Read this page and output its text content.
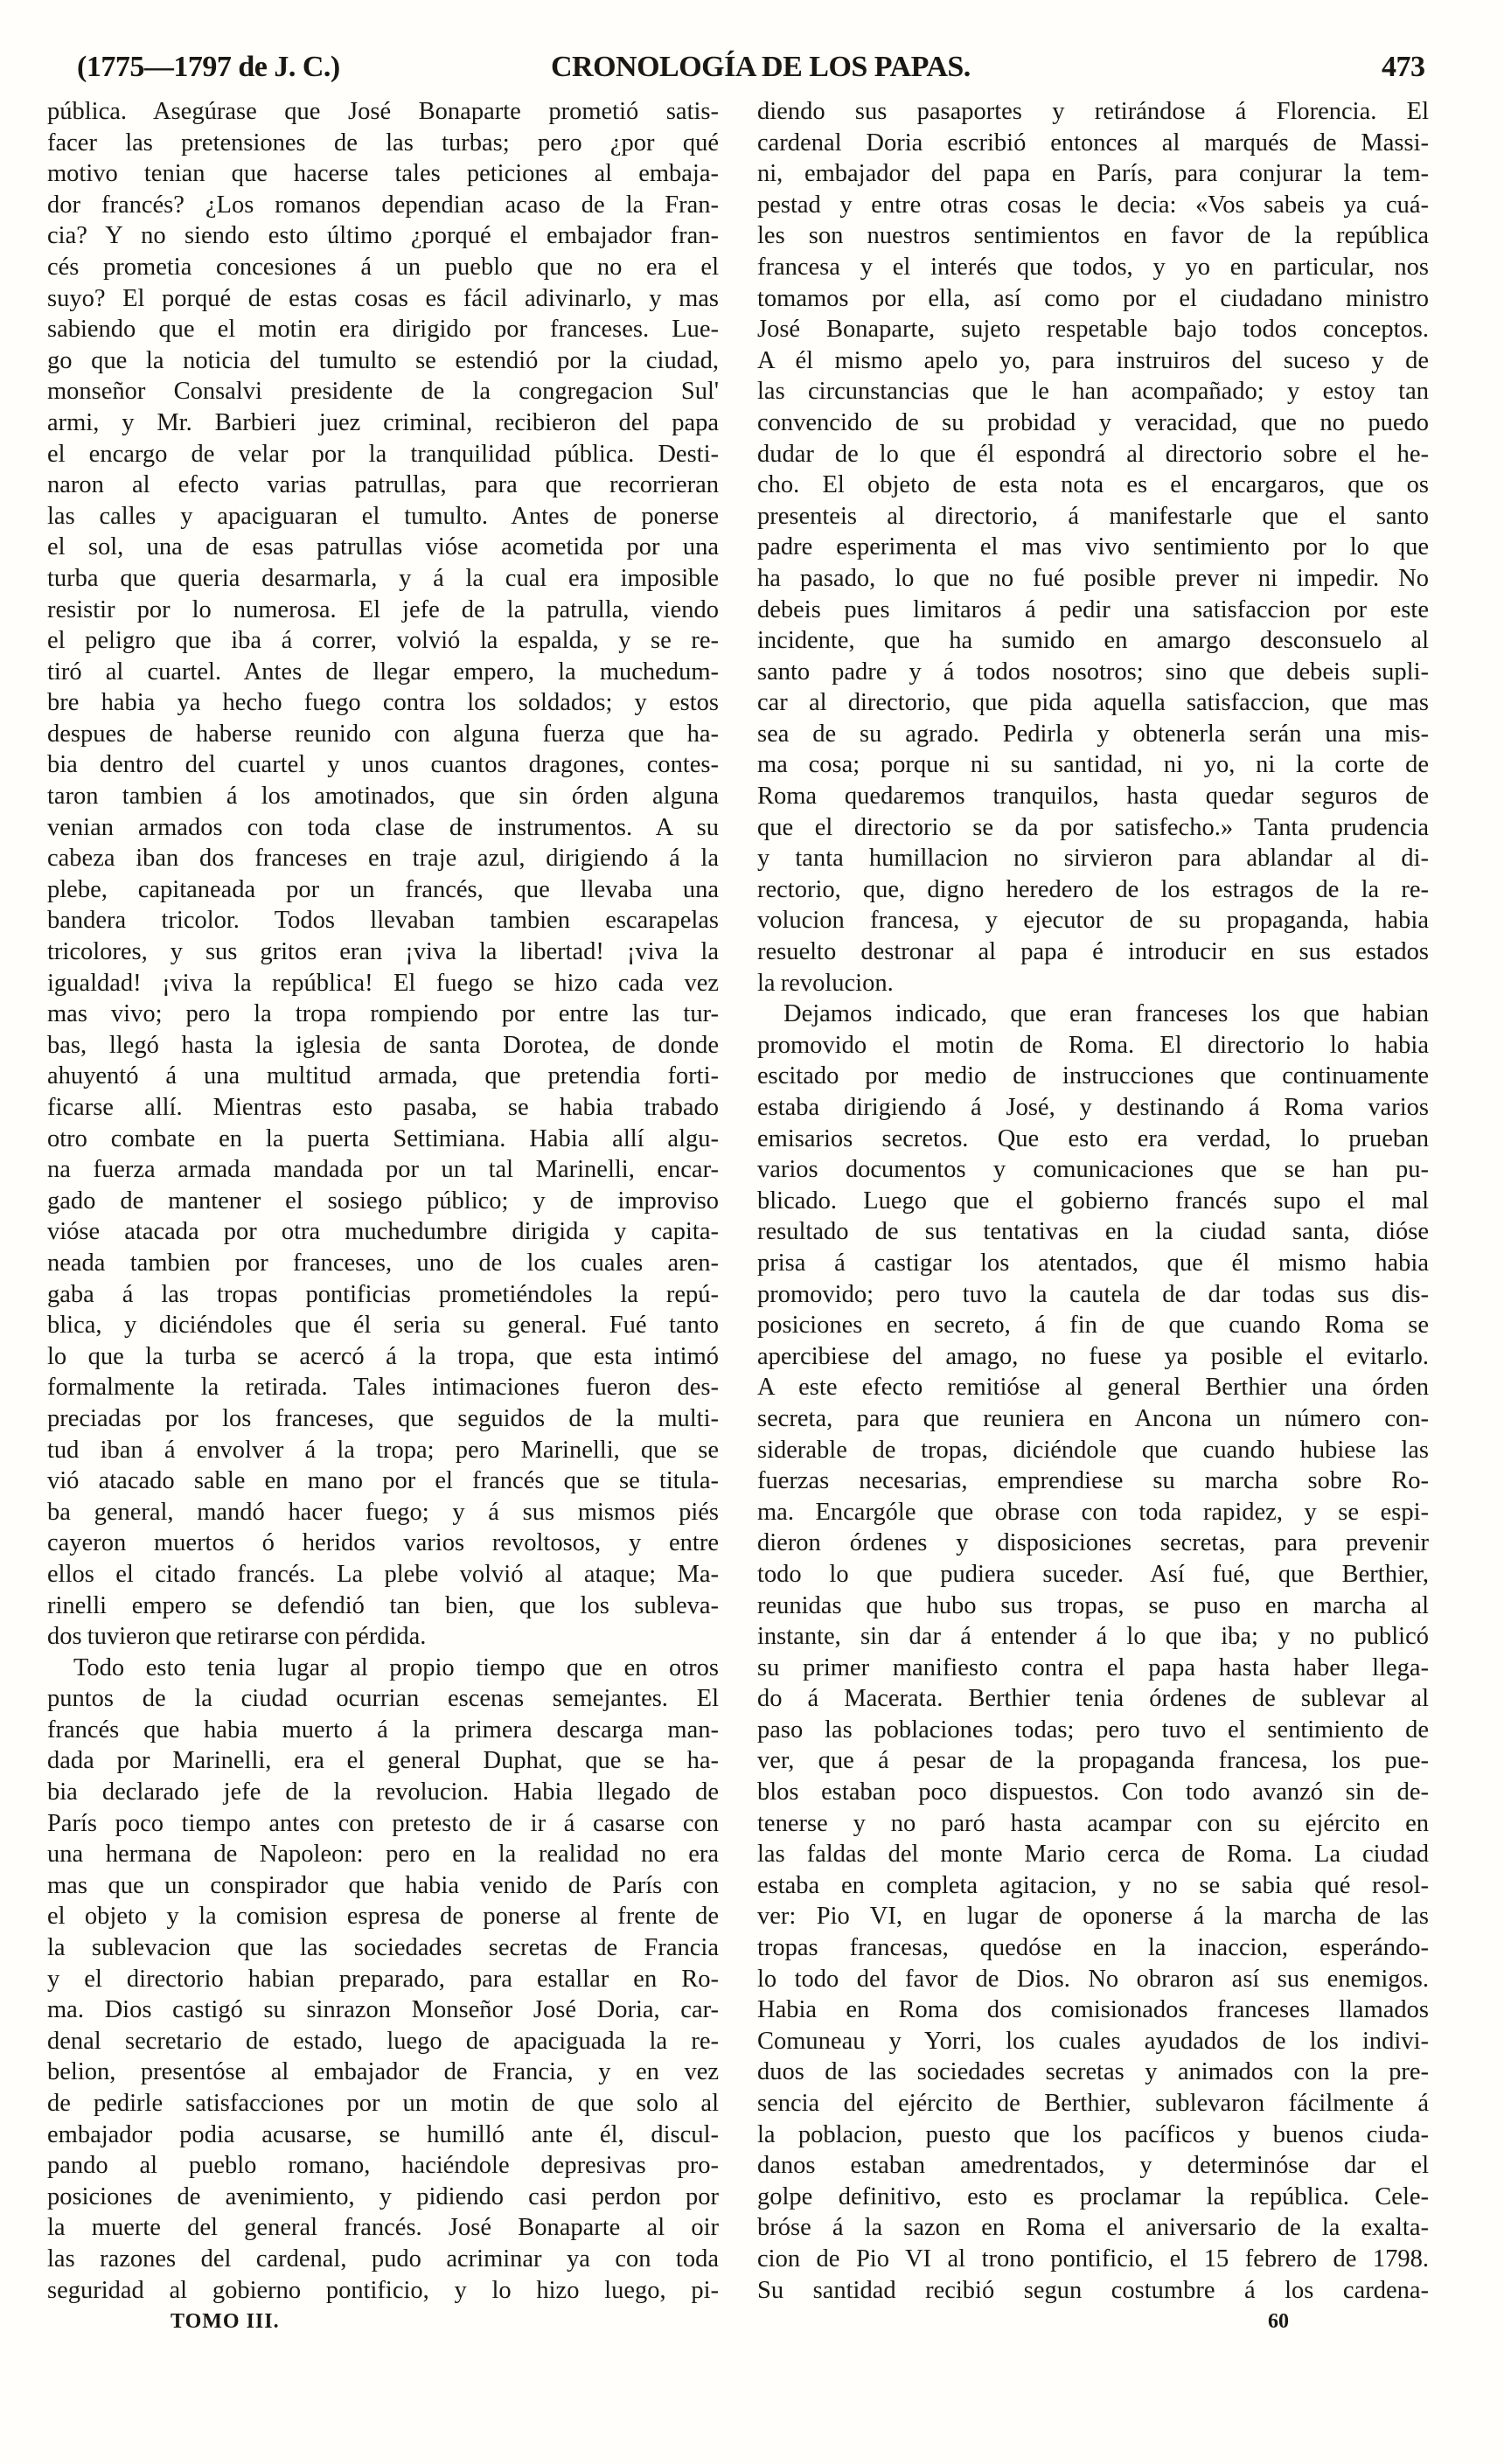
(1775—1797 de J. C.)	CRONOLOGÍA DE LOS PAPAS.	473
pública. Asegúrase que José Bonaparte prometió satis-
facer las pretensiones de las turbas; pero ¿por qué
motivo tenian que hacerse tales peticiones al embaja-
dor francés? ¿Los romanos dependian acaso de la Fran-
cia? Y no siendo esto último ¿porqué el embajador fran-
cés prometia concesiones á un pueblo que no era el
suyo? El porqué de estas cosas es fácil adivinarlo, y mas
sabiendo que el motin era dirigido por franceses. Lue-
go que la noticia del tumulto se estendió por la ciudad,
monseñor Consalvi presidente de la congregacion Sul'
armi, y Mr. Barbieri juez criminal, recibieron del papa
el encargo de velar por la tranquilidad pública. Desti-
naron al efecto varias patrullas, para que recorrieran
las calles y apaciguaran el tumulto. Antes de ponerse
el sol, una de esas patrullas vióse acometida por una
turba que queria desarmarla, y á la cual era imposible
resistir por lo numerosa. El jefe de la patrulla, viendo
el peligro que iba á correr, volvió la espalda, y se re-
tiró al cuartel. Antes de llegar empero, la muchedum-
bre habia ya hecho fuego contra los soldados; y estos
despues de haberse reunido con alguna fuerza que ha-
bia dentro del cuartel y unos cuantos dragones, contes-
taron tambien á los amotinados, que sin órden alguna
venian armados con toda clase de instrumentos. A su
cabeza iban dos franceses en traje azul, dirigiendo á la
plebe, capitaneada por un francés, que llevaba una
bandera tricolor. Todos llevaban tambien escarapelas
tricolores, y sus gritos eran ¡viva la libertad! ¡viva la
igualdad! ¡viva la república! El fuego se hizo cada vez
mas vivo; pero la tropa rompiendo por entre las tur-
bas, llegó hasta la iglesia de santa Dorotea, de donde
ahuyentó á una multitud armada, que pretendia forti-
ficarse allí. Mientras esto pasaba, se habia trabado
otro combate en la puerta Settimiana. Habia allí algu-
na fuerza armada mandada por un tal Marinelli, encar-
gado de mantener el sosiego público; y de improviso
vióse atacada por otra muchedumbre dirigida y capita-
neada tambien por franceses, uno de los cuales aren-
gaba á las tropas pontificias prometiéndoles la repú-
blica, y diciéndoles que él seria su general. Fué tanto
lo que la turba se acercó á la tropa, que esta intimó
formalmente la retirada. Tales intimaciones fueron des-
preciadas por los franceses, que seguidos de la multi-
tud iban á envolver á la tropa; pero Marinelli, que se
vió atacado sable en mano por el francés que se titula-
ba general, mandó hacer fuego; y á sus mismos piés
cayeron muertos ó heridos varios revoltosos, y entre
ellos el citado francés. La plebe volvió al ataque; Ma-
rinelli empero se defendió tan bien, que los subleva-
dos tuvieron que retirarse con pérdida.
Todo esto tenia lugar al propio tiempo que en otros
puntos de la ciudad ocurrian escenas semejantes. El
francés que habia muerto á la primera descarga man-
dada por Marinelli, era el general Duphat, que se ha-
bia declarado jefe de la revolucion. Habia llegado de
París poco tiempo antes con pretesto de ir á casarse con
una hermana de Napoleon: pero en la realidad no era
mas que un conspirador que habia venido de París con
el objeto y la comision espresa de ponerse al frente de
la sublevacion que las sociedades secretas de Francia
y el directorio habian preparado, para estallar en Ro-
ma. Dios castigó su sinrazon Monseñor José Doria, car-
denal secretario de estado, luego de apaciguada la re-
belion, presentóse al embajador de Francia, y en vez
de pedirle satisfacciones por un motin de que solo al
embajador podia acusarse, se humilló ante él, discul-
pando al pueblo romano, haciéndole depresivas pro-
posiciones de avenimiento, y pidiendo casi perdon por
la muerte del general francés. José Bonaparte al oir
las razones del cardenal, pudo acriminar ya con toda
seguridad al gobierno pontificio, y lo hizo luego, pi-
diendo sus pasaportes y retirándose á Florencia. El
cardenal Doria escribió entonces al marqués de Massi-
ni, embajador del papa en París, para conjurar la tem-
pestad y entre otras cosas le decia: «Vos sabeis ya cuá-
les son nuestros sentimientos en favor de la república
francesa y el interés que todos, y yo en particular, nos
tomamos por ella, así como por el ciudadano ministro
José Bonaparte, sujeto respetable bajo todos conceptos.
A él mismo apelo yo, para instruiros del suceso y de
las circunstancias que le han acompañado; y estoy tan
convencido de su probidad y veracidad, que no puedo
dudar de lo que él espondrá al directorio sobre el he-
cho. El objeto de esta nota es el encargaros, que os
presenteis al directorio, á manifestarle que el santo
padre esperimenta el mas vivo sentimiento por lo que
ha pasado, lo que no fué posible prever ni impedir. No
debeis pues limitaros á pedir una satisfaccion por este
incidente, que ha sumido en amargo desconsuelo al
santo padre y á todos nosotros; sino que debeis supli-
car al directorio, que pida aquella satisfaccion, que mas
sea de su agrado. Pedirla y obtenerla serán una mis-
ma cosa; porque ni su santidad, ni yo, ni la corte de
Roma quedaremos tranquilos, hasta quedar seguros de
que el directorio se da por satisfecho.» Tanta prudencia
y tanta humillacion no sirvieron para ablandar al di-
rectorio, que, digno heredero de los estragos de la re-
volucion francesa, y ejecutor de su propaganda, habia
resuelto destronar al papa é introducir en sus estados
la revolucion.
Dejamos indicado, que eran franceses los que habian
promovido el motin de Roma. El directorio lo habia
escitado por medio de instrucciones que continuamente
estaba dirigiendo á José, y destinando á Roma varios
emisarios secretos. Que esto era verdad, lo prueban
varios documentos y comunicaciones que se han pu-
blicado. Luego que el gobierno francés supo el mal
resultado de sus tentativas en la ciudad santa, dióse
prisa á castigar los atentados, que él mismo habia
promovido; pero tuvo la cautela de dar todas sus dis-
posiciones en secreto, á fin de que cuando Roma se
apercibiese del amago, no fuese ya posible el evitarlo.
A este efecto remitióse al general Berthier una órden
secreta, para que reuniera en Ancona un número con-
siderable de tropas, diciéndole que cuando hubiese las
fuerzas necesarias, emprendiese su marcha sobre Ro-
ma. Encargóle que obrase con toda rapidez, y se espi-
dieron órdenes y disposiciones secretas, para prevenir
todo lo que pudiera suceder. Así fué, que Berthier,
reunidas que hubo sus tropas, se puso en marcha al
instante, sin dar á entender á lo que iba; y no publicó
su primer manifiesto contra el papa hasta haber llega-
do á Macerata. Berthier tenia órdenes de sublevar al
paso las poblaciones todas; pero tuvo el sentimiento de
ver, que á pesar de la propaganda francesa, los pue-
blos estaban poco dispuestos. Con todo avanzó sin de-
tenerse y no paró hasta acampar con su ejército en
las faldas del monte Mario cerca de Roma. La ciudad
estaba en completa agitacion, y no se sabia qué resol-
ver: Pio VI, en lugar de oponerse á la marcha de las
tropas francesas, quedóse en la inaccion, esperándo-
lo todo del favor de Dios. No obraron así sus enemigos.
Habia en Roma dos comisionados franceses llamados
Comuneau y Yorri, los cuales ayudados de los indivi-
duos de las sociedades secretas y animados con la pre-
sencia del ejército de Berthier, sublevaron fácilmente á
la poblacion, puesto que los pacíficos y buenos ciuda-
danos estaban amedrentados, y determinóse dar el
golpe definitivo, esto es proclamar la república. Cele-
bróse á la sazon en Roma el aniversario de la exalta-
cion de Pio VI al trono pontificio, el 15 febrero de 1798.
Su santidad recibió segun costumbre á los cardena-
TOMO III.	60
